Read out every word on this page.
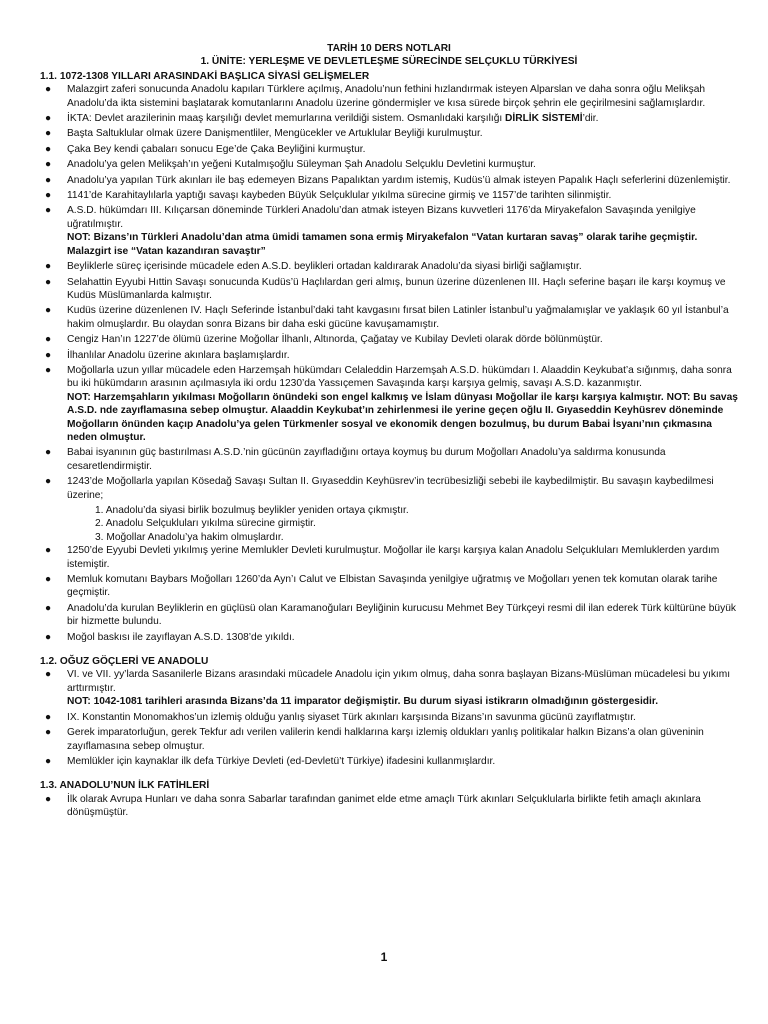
TARİH 10 DERS NOTLARI

1. ÜNİTE: YERLEŞME VE DEVLETLEŞME SÜRECİNDE SELÇUKLU TÜRKİYESİ

1.1. 1072-1308 YILLARI ARASINDAKİ BAŞLICA SİYASİ GELİŞMELER

● Malazgirt zaferi sonucunda Anadolu kapıları Türklere açılmış, Anadolu’nun fethini hızlandırmak isteyen Alparslan ve daha sonra oğlu Melikşah Anadolu’da ikta sistemini başlatarak komutanlarını Anadolu üzerine göndermişler ve kısa sürede birçok şehrin ele geçirilmesini sağlamışlardır.
● İKTA: Devlet arazilerinin maaş karşılığı devlet memurlarına verildiği sistem. Osmanlıdaki karşılığı DİRLİK SİSTEMİ’dir.
● Başta Saltuklular olmak üzere Danişmentliler, Mengücekler ve Artuklular Beyliği kurulmuştur.
● Çaka Bey kendi çabaları sonucu Ege’de Çaka Beyliğini kurmuştur.
● Anadolu’ya gelen Melikşah’ın yeğeni Kutalmışoğlu Süleyman Şah Anadolu Selçuklu Devletini kurmuştur.
● Anadolu’ya yapılan Türk akınları ile baş edemeyen Bizans Papalıktan yardım istemiş, Kudüs’ü almak isteyen Papalık Haçlı seferlerini düzenlemiştir.
● 1141’de Karahitaylılarla yaptığı savaşı kaybeden Büyük Selçuklular yıkılma sürecine girmiş ve 1157’de tarihten silinmiştir.
● A.S.D. hükümdarı III. Kılıçarsan döneminde Türkleri Anadolu’dan atmak isteyen Bizans kuvvetleri 1176’da Miryakefalon Savaşında yenilgiye uğratılmıştır.
NOT: Bizans’ın Türkleri Anadolu’dan atma ümidi tamamen sona ermiş Miryakefalon “Vatan kurtaran savaş” olarak tarihe geçmiştir. Malazgirt ise “Vatan kazandıran savaştır”
● Beyliklerle süreç içerisinde mücadele eden A.S.D. beylikleri ortadan kaldırarak Anadolu’da siyasi birliği sağlamıştır.
● Selahattin Eyyubi Hıttin Savaşı sonucunda Kudüs’ü Haçlılardan geri almış, bunun üzerine düzenlenen III. Haçlı seferine başarı ile karşı koymuş ve Kudüs Müslümanlarda kalmıştır.
● Kudüs üzerine düzenlenen IV. Haçlı Seferinde İstanbul’daki taht kavgasını fırsat bilen Latinler İstanbul’u yağmalamışlar ve yaklaşık 60 yıl İstanbul’a hakim olmuşlardır. Bu olaydan sonra Bizans bir daha eski gücüne kavuşamamıştır.
● Cengiz Han’ın 1227’de ölümü üzerine Moğollar İlhanlı, Altınorda, Çağatay ve Kubilay Devleti olarak dörde bölünmüştür.
● İlhanlılar Anadolu üzerine akınlara başlamışlardır.
● Moğollarla uzun yıllar mücadele eden Harzemşah hükümdarı Celaleddin Harzemşah A.S.D. hükümdarı I. Alaaddin Keykubat’a sığınmış, daha sonra bu iki hükümdarın arasının açılmasıyla iki ordu 1230’da Yassıçemen Savaşında karşı karşıya gelmiş, savaşı A.S.D. kazanmıştır.
NOT: Harzemşahların yıkılması Moğolların önündeki son engel kalkmış ve İslam dünyası Moğollar ile karşı karşıya kalmıştır. NOT: Bu savaş A.S.D. nde zayıflamasına sebep olmuştur. Alaaddin Keykubat’ın zehirlenmesi ile yerine geçen oğlu II. Gıyaseddin Keyhüsrev döneminde Moğolların önünden kaçıp Anadolu’ya gelen Türkmenler sosyal ve ekonomik dengen bozulmuş, bu durum Babai İsyanı’nın çıkmasına neden olmuştur.
● Babai isyanının güç bastırılması A.S.D.’nin gücünün zayıfladığını ortaya koymuş bu durum Moğolları Anadolu’ya saldırma konusunda cesaretlendirmiştir.
● 1243’de Moğollarla yapılan Kösedağ Savaşı Sultan II. Gıyaseddin Keyhüsrev’in tecrübesizliği sebebi ile kaybedilmiştir. Bu savaşın kaybedilmesi üzerine;

1. Anadolu’da siyasi birlik bozulmuş beylikler yeniden ortaya çıkmıştır.

2. Anadolu Selçukluları yıkılma sürecine girmiştir.

3. Moğollar Anadolu’ya hakim olmuşlardır.

● 1250’de Eyyubi Devleti yıkılmış yerine Memlukler Devleti kurulmuştur. Moğollar ile karşı karşıya kalan Anadolu Selçukluları Memluklerden yardım istemiştir.
● Memluk komutanı Baybars Moğolları 1260’da Ayn’ı Calut ve Elbistan Savaşında yenilgiye uğratmış ve Moğolları yenen tek komutan olarak tarihe geçmiştir.
● Anadolu’da kurulan Beyliklerin en güçlüsü olan Karamanoğuları Beyliğinin kurucusu Mehmet Bey Türkçeyi resmi dil ilan ederek Türk kültürüne büyük bir hizmette bulundu.
● Moğol baskısı ile zayıflayan A.S.D. 1308’de yıkıldı.

1.2. OĞUZ GÖÇLERİ VE ANADOLU

● VI. ve VII. yy’larda Sasanilerle Bizans arasındaki mücadele Anadolu için yıkım olmuş, daha sonra başlayan Bizans-Müslüman mücadelesi bu yıkımı arttırmıştır.
NOT: 1042-1081 tarihleri arasında Bizans’da 11 imparator değişmiştir. Bu durum siyasi istikrarın olmadığının göstergesidir.
● IX. Konstantin Monomakhos’un izlemiş olduğu yanlış siyaset Türk akınları karşısında Bizans’ın savunma gücünü zayıflatmıştır.
● Gerek imparatorluğun, gerek Tekfur adı verilen valilerin kendi halklarına karşı izlemiş oldukları yanlış politikalar halkın Bizans’a olan güveninin zayıflamasına sebep olmuştur.
● Memlükler için kaynaklar ilk defa Türkiye Devleti (ed-Devletü’t Türkiye) ifadesini kullanmışlardır.

1.3. ANADOLU’NUN İLK FATİHLERİ

● İlk olarak Avrupa Hunları ve daha sonra Sabarlar tarafından ganimet elde etme amaçlı Türk akınları Selçuklularla birlikte fetih amaçlı akınlara dönüşmüştür.
1
